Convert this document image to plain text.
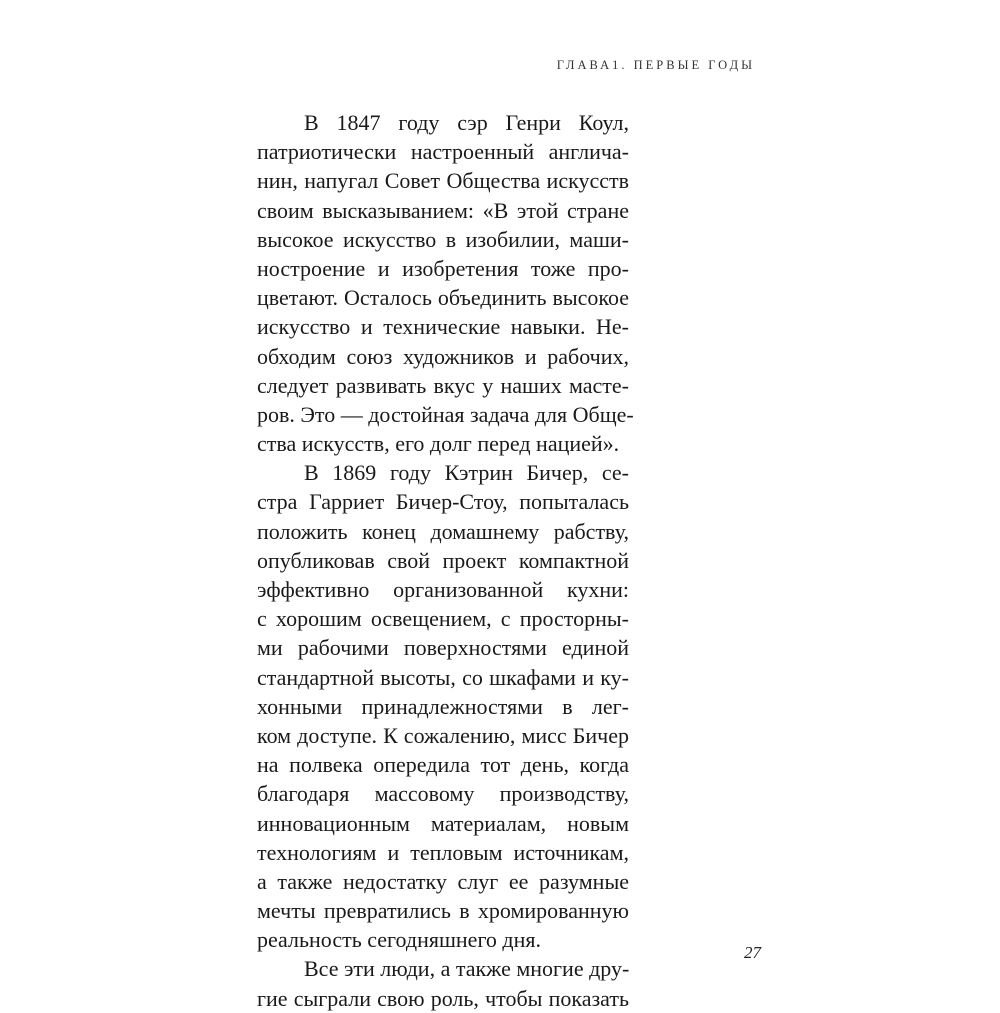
ГЛАВА1. ПЕРВЫЕ ГОДЫ
В 1847 году сэр Генри Коул,
патриотически настроенный англича-
нин, напугал Совет Общества искусств
своим высказыванием: «В этой стране
высокое искусство в изобилии, маши-
ностроение и изобретения тоже про-
цветают. Осталось объединить высокое
искусство и технические навыки. Не-
обходим союз художников и рабочих,
следует развивать вкус у наших масте-
ров. Это — достойная задача для Обще-
ства искусств, его долг перед нацией».
В 1869 году Кэтрин Бичер, се-
стра Гарриет Бичер-Стоу, попыталась
положить конец домашнему рабству,
опубликовав свой проект компактной
эффективно организованной кухни:
с хорошим освещением, с просторны-
ми рабочими поверхностями единой
стандартной высоты, со шкафами и ку-
хонными принадлежностями в лег-
ком доступе. К сожалению, мисс Бичер
на полвека опередила тот день, когда
благодаря массовому производству,
инновационным материалам, новым
технологиям и тепловым источникам,
а также недостатку слуг ее разумные
мечты превратились в хромированную
реальность сегодняшнего дня.
Все эти люди, а также многие дру-
гие сыграли свою роль, чтобы показать
27
